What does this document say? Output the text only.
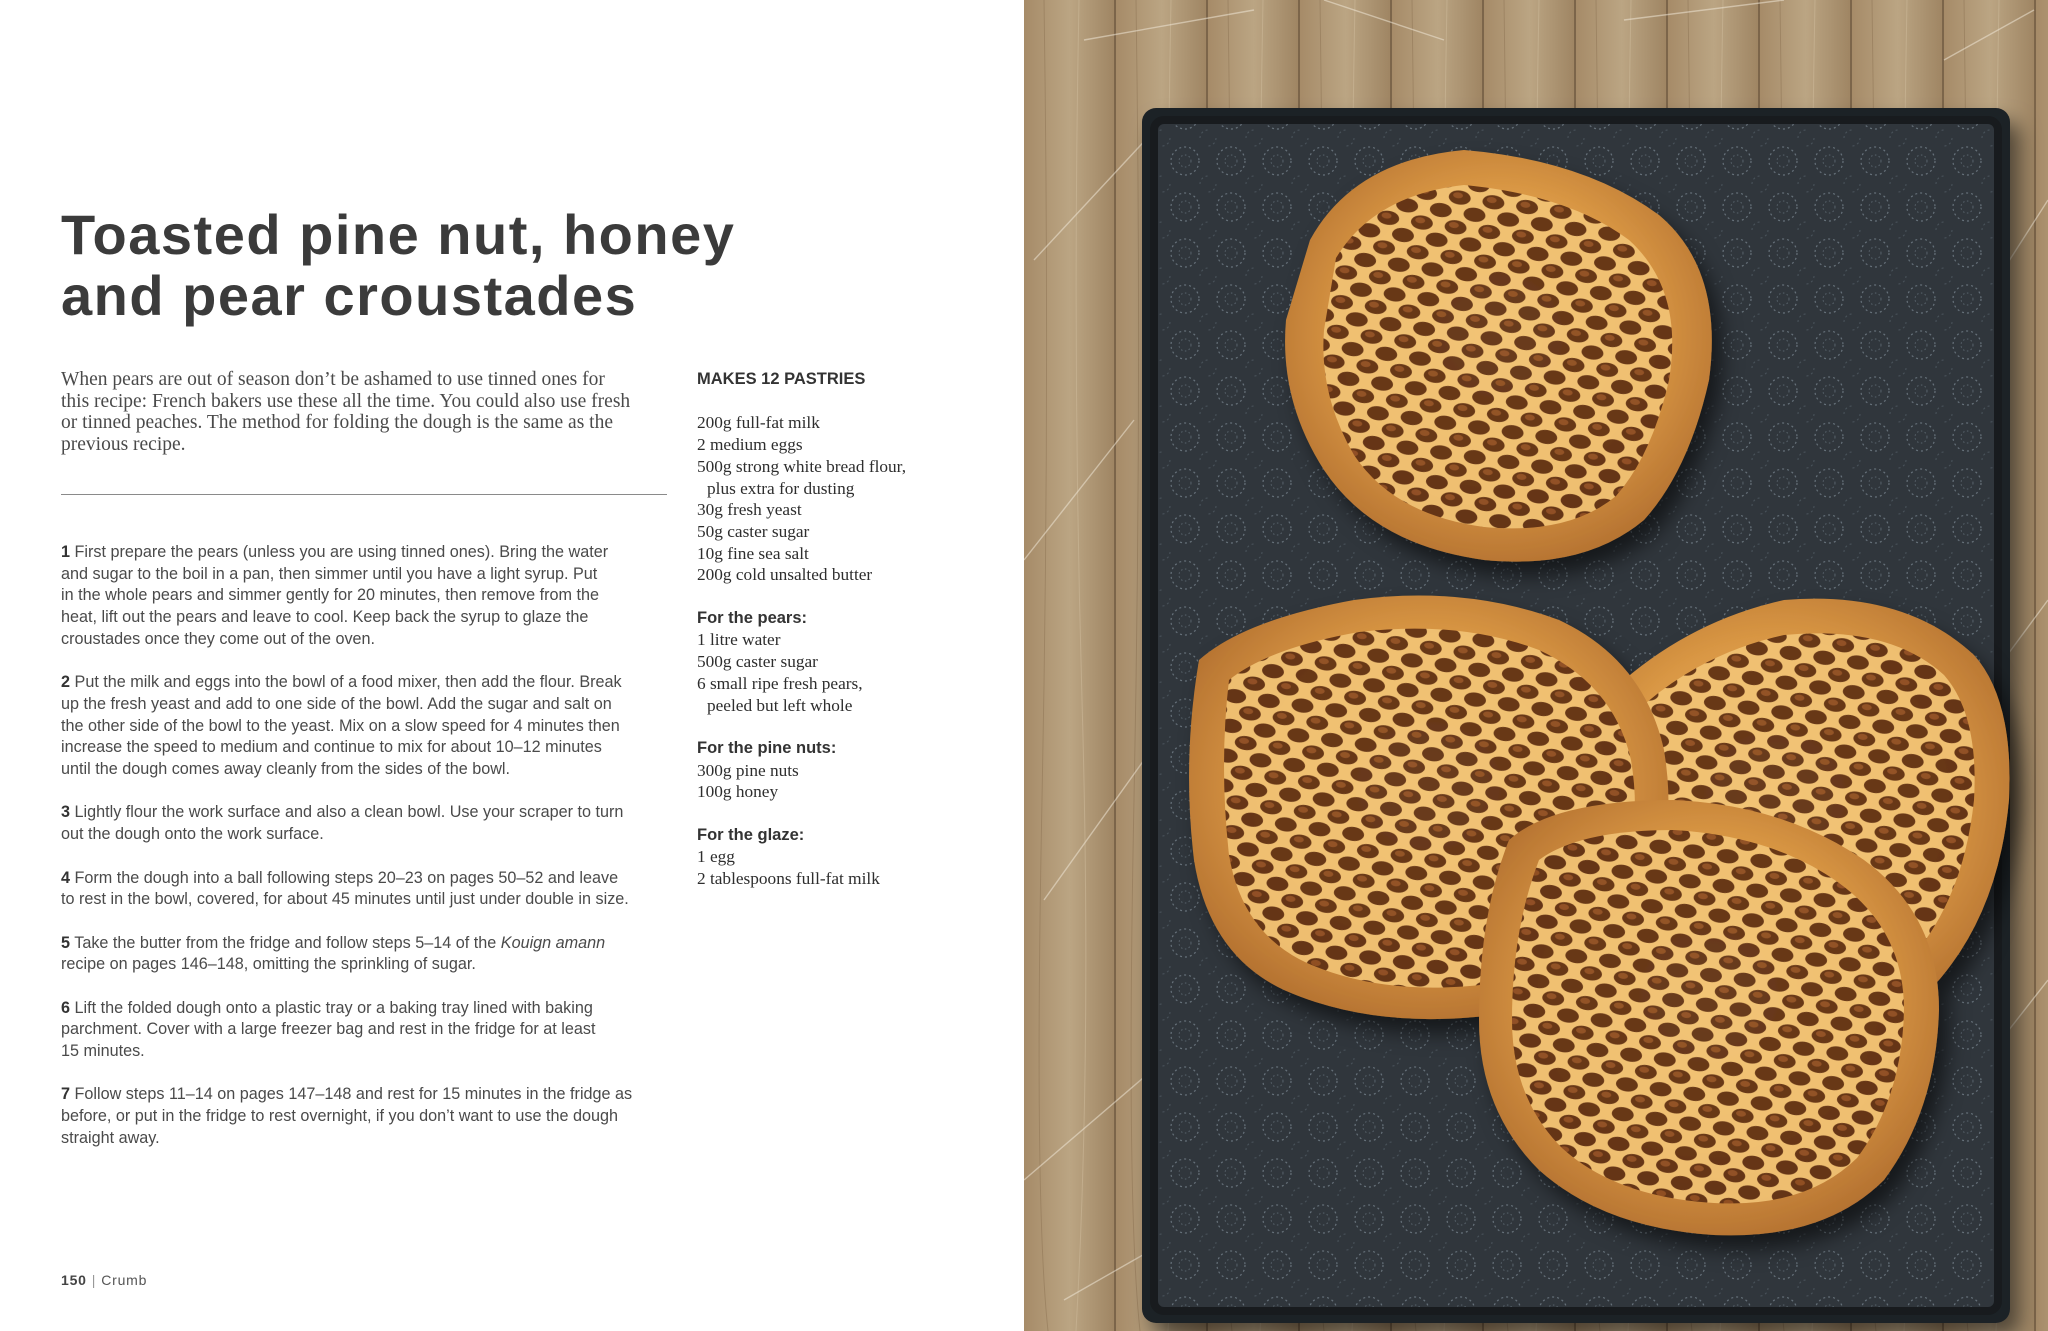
Toasted pine nut, honey
and pear croustades

When pears are out of season don’t be ashamed to use tinned ones for
this recipe: French bakers use these all the time. You could also use fresh
or tinned peaches. The method for folding the dough is the same as the
previous recipe.

1 First prepare the pears (unless you are using tinned ones). Bring the water
and sugar to the boil in a pan, then simmer until you have a light syrup. Put
in the whole pears and simmer gently for 20 minutes, then remove from the
heat, lift out the pears and leave to cool. Keep back the syrup to glaze the
croustades once they come out of the oven.

2 Put the milk and eggs into the bowl of a food mixer, then add the flour. Break
up the fresh yeast and add to one side of the bowl. Add the sugar and salt on
the other side of the bowl to the yeast. Mix on a slow speed for 4 minutes then
increase the speed to medium and continue to mix for about 10–12 minutes
until the dough comes away cleanly from the sides of the bowl.

3 Lightly flour the work surface and also a clean bowl. Use your scraper to turn
out the dough onto the work surface.

4 Form the dough into a ball following steps 20–23 on pages 50–52 and leave
to rest in the bowl, covered, for about 45 minutes until just under double in size.

5 Take the butter from the fridge and follow steps 5–14 of the Kouign amann
recipe on pages 146–148, omitting the sprinkling of sugar.

6 Lift the folded dough onto a plastic tray or a baking tray lined with baking
parchment. Cover with a large freezer bag and rest in the fridge for at least
15 minutes.

7 Follow steps 11–14 on pages 147–148 and rest for 15 minutes in the fridge as
before, or put in the fridge to rest overnight, if you don’t want to use the dough
straight away.

MAKES 12 PASTRIES
200g full-fat milk
2 medium eggs
500g strong white bread flour,
plus extra for dusting
30g fresh yeast
50g caster sugar
10g fine sea salt
200g cold unsalted butter
For the pears:
1 litre water
500g caster sugar
6 small ripe fresh pears,
peeled but left whole
For the pine nuts:
300g pine nuts
100g honey
For the glaze:
1 egg
2 tablespoons full-fat milk
150 | Crumb
